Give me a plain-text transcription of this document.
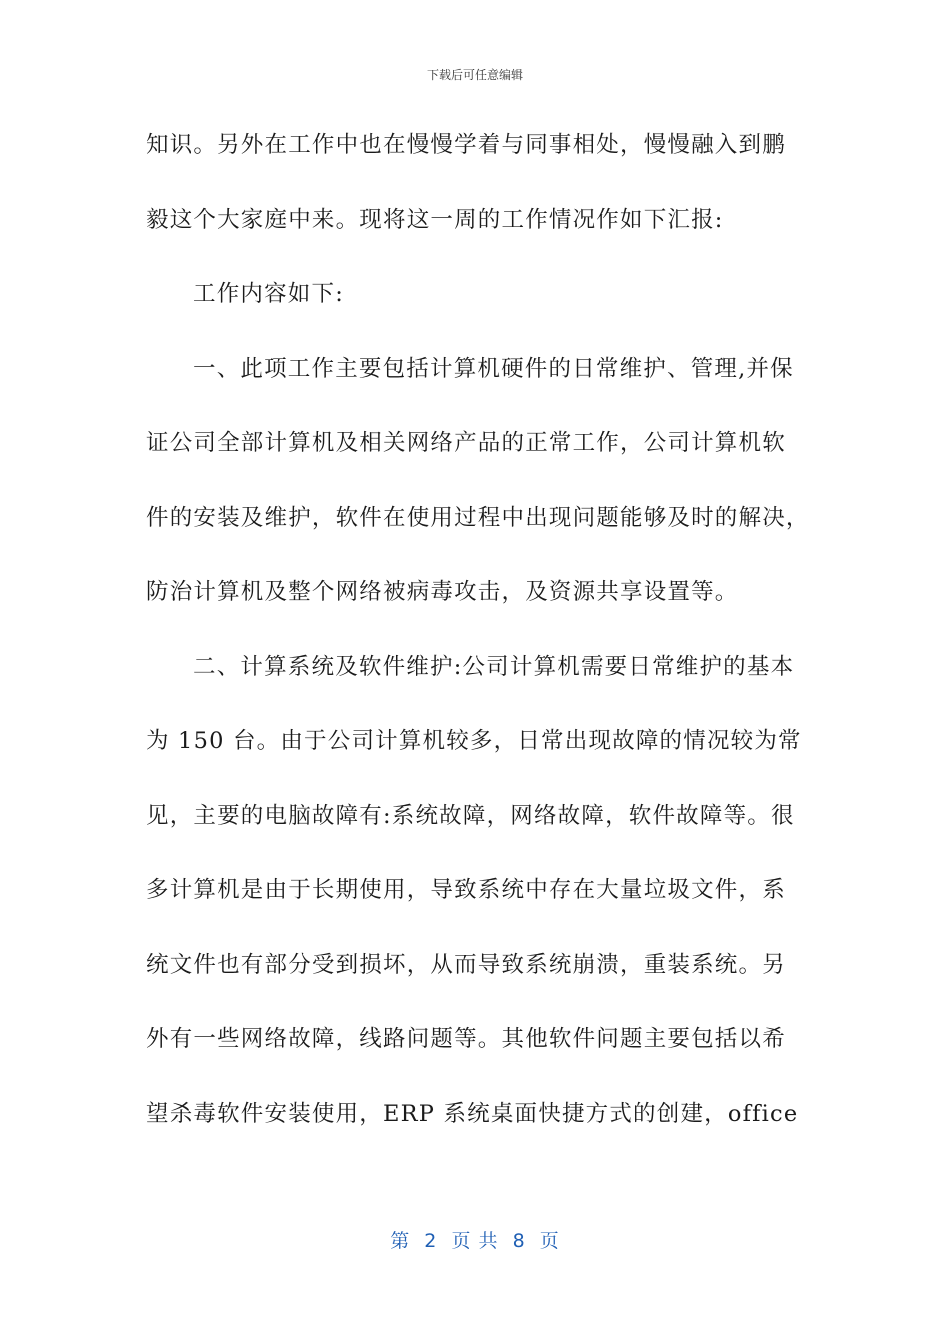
下载后可任意编辑
知识。另外在工作中也在慢慢学着与同事相处，慢慢融入到鹏
毅这个大家庭中来。现将这一周的工作情况作如下汇报:
工作内容如下:
一、此项工作主要包括计算机硬件的日常维护、管理,并保
证公司全部计算机及相关网络产品的正常工作，公司计算机软
件的安装及维护，软件在使用过程中出现问题能够及时的解决，
防治计算机及整个网络被病毒攻击，及资源共享设置等。
二、计算系统及软件维护:公司计算机需要日常维护的基本
为 150 台。由于公司计算机较多，日常出现故障的情况较为常
见，主要的电脑故障有:系统故障，网络故障，软件故障等。很
多计算机是由于长期使用，导致系统中存在大量垃圾文件，系
统文件也有部分受到损坏，从而导致系统崩溃，重装系统。另
外有一些网络故障，线路问题等。其他软件问题主要包括以希
望杀毒软件安装使用，ERP 系统桌面快捷方式的创建，office
第  2  页 共  8  页
